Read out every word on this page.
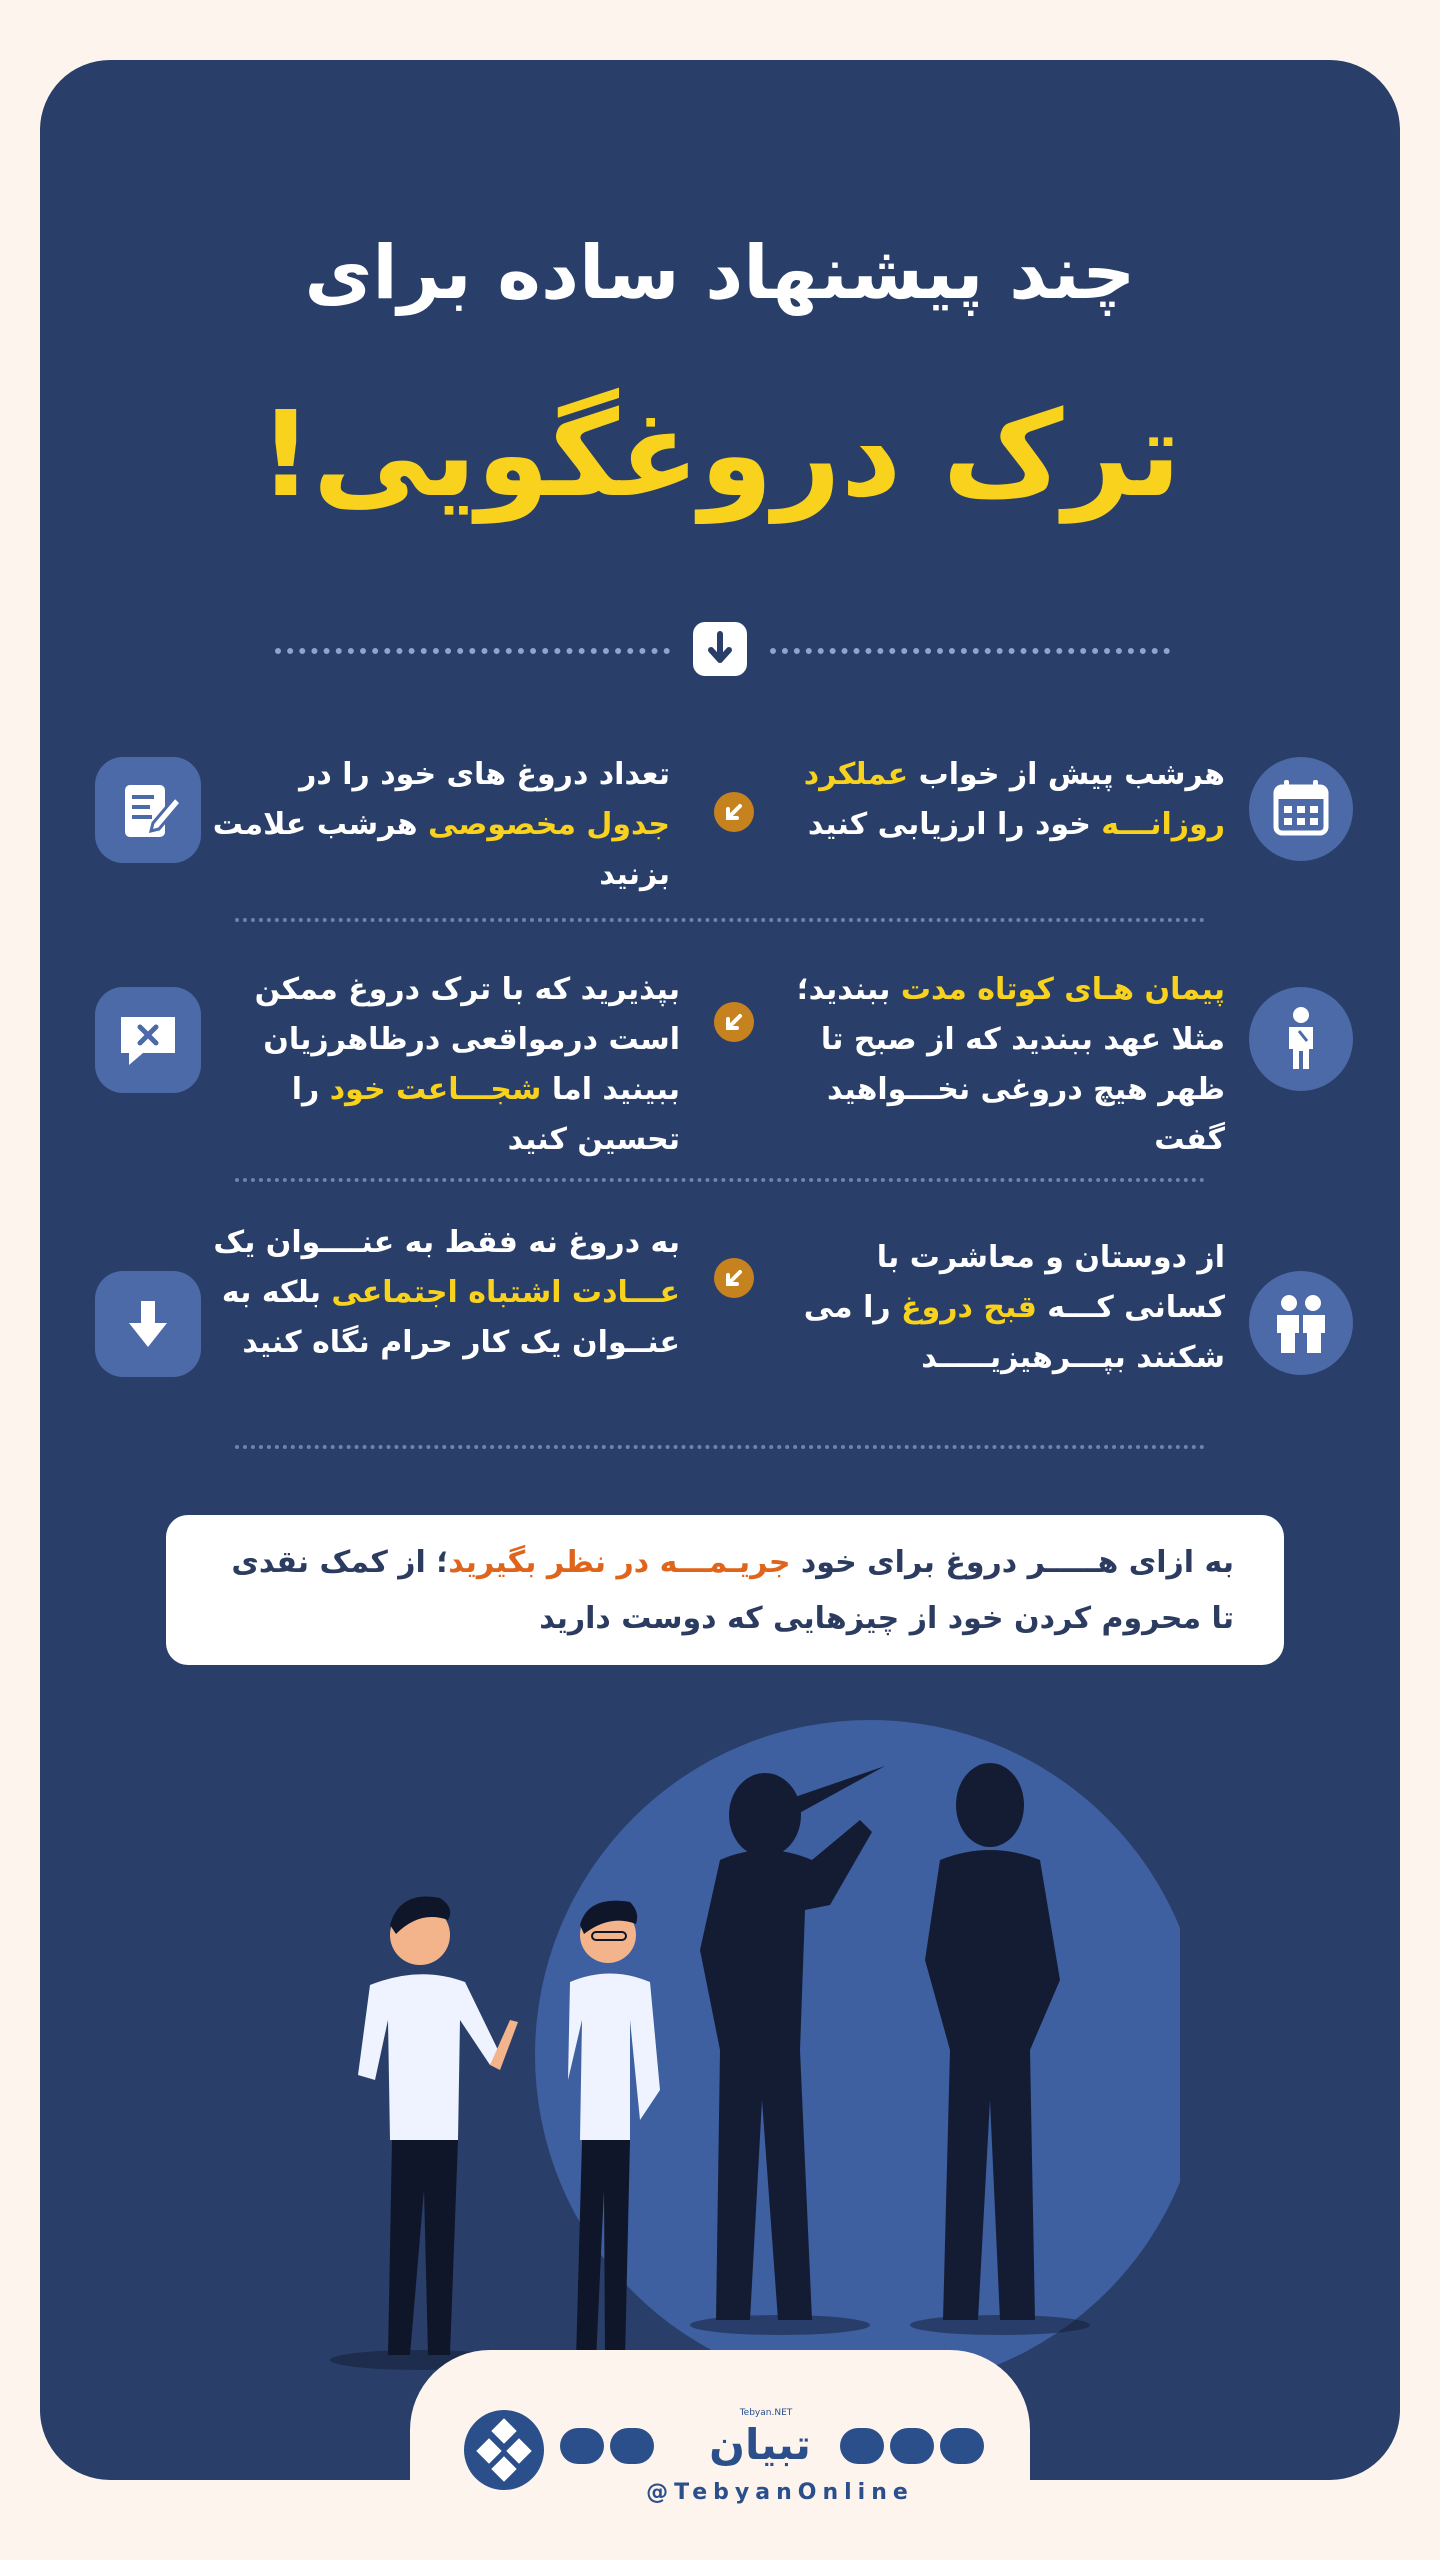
چند پیشنهاد ساده برای
ترک دروغگویی!
هرشب پیش از خواب عملکرد روزانـــه خود را ارزیابی کنید
تعداد دروغ های خود را در جدول مخصوصی هرشب علامت بزنید
پیمان هـای کوتاه مدت ببندید؛ مثلا عهد ببندید که از صبح تا ظهر هیچ دروغی نخـــواهید گفت
بپذیرید که با ترک دروغ ممکن است درمواقعی درظاهرزیان ببینید اما شجـــاعت خود را تحسین کنید
از دوستان و معاشرت با کسانی کـــه قبح دروغ را می شکنند بپـــرهیزیـــــد
به دروغ نه فقط به عنــــوان یک عـــادت اشتباه اجتماعی بلکه به عنــوان یک کار حرام نگاه کنید
به ازای هـــــر دروغ برای خود جریـمـــه در نظر بگیرید؛ از کمک نقدی تا محروم کردن خود از چیزهایی که دوست دارید
Tebyan.NET
تبیان
@TebyanOnline
